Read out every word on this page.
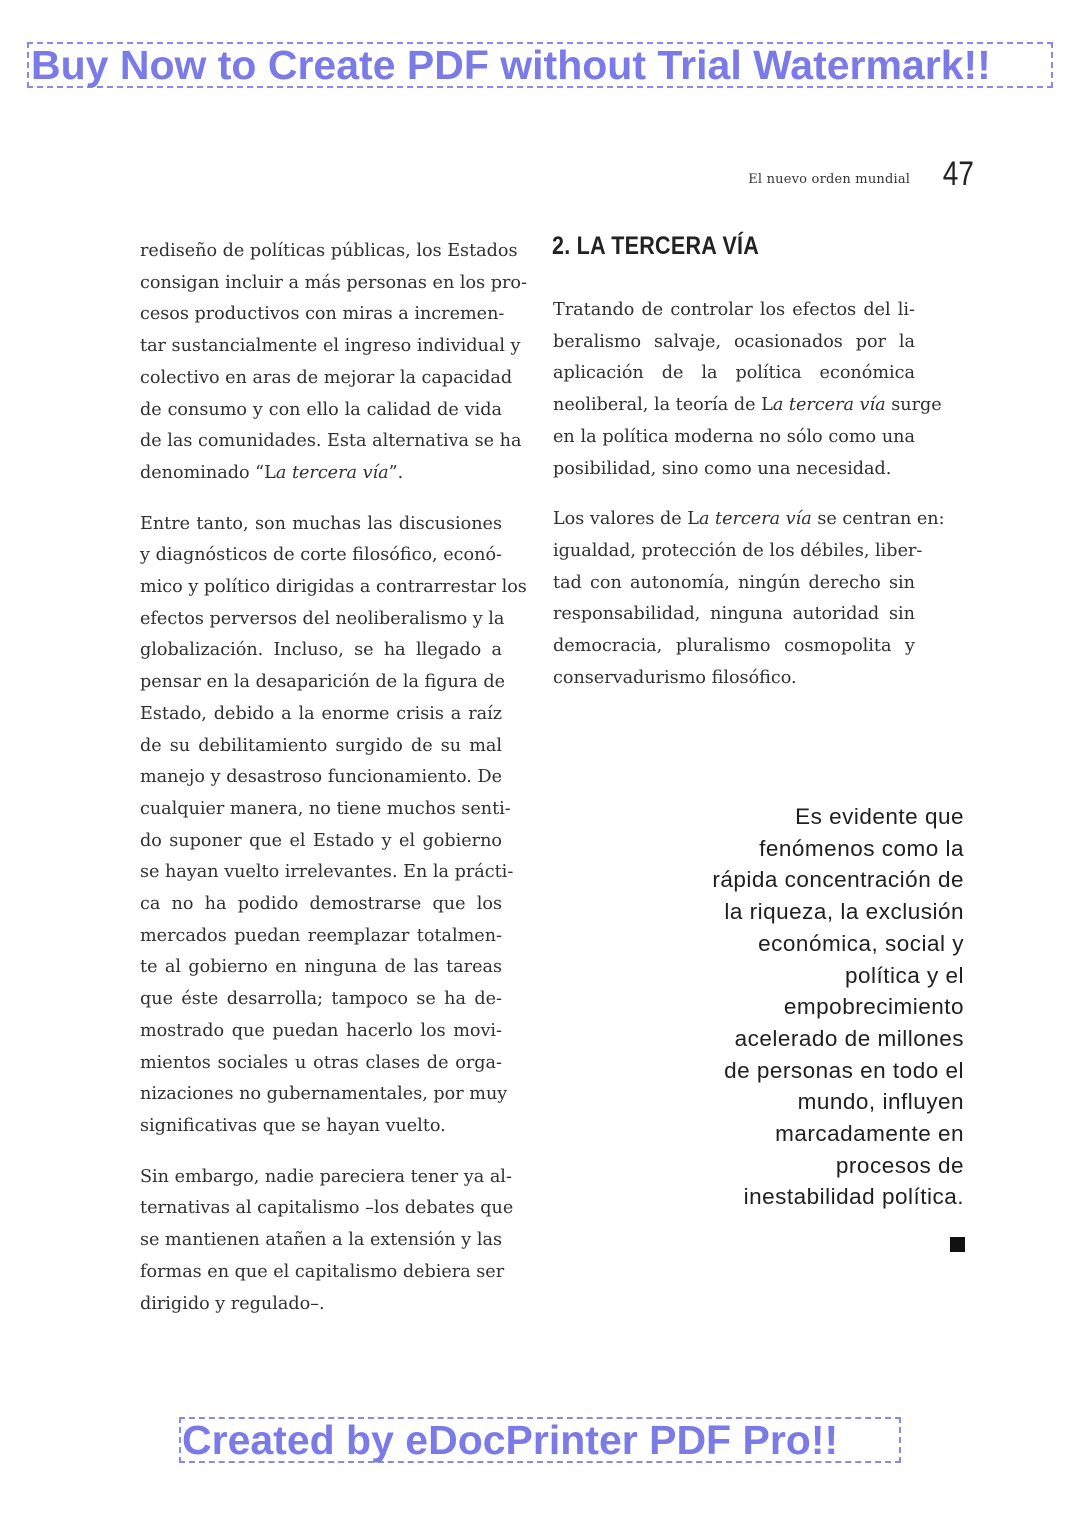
Buy Now to Create PDF without Trial Watermark!!
El nuevo orden mundial 47

rediseño de políticas públicas, los Estados
consigan incluir a más personas en los pro-
cesos productivos con miras a incremen-
tar sustancialmente el ingreso individual y
colectivo en aras de mejorar la capacidad
de consumo y con ello la calidad de vida
de las comunidades. Esta alternativa se ha
denominado “La tercera vía”.

Entre tanto, son muchas las discusiones
y diagnósticos de corte filosófico, econó-
mico y político dirigidas a contrarrestar los
efectos perversos del neoliberalismo y la
globalización. Incluso, se ha llegado a
pensar en la desaparición de la figura de
Estado, debido a la enorme crisis a raíz
de su debilitamiento surgido de su mal
manejo y desastroso funcionamiento. De
cualquier manera, no tiene muchos senti-
do suponer que el Estado y el gobierno
se hayan vuelto irrelevantes. En la prácti-
ca no ha podido demostrarse que los
mercados puedan reemplazar totalmen-
te al gobierno en ninguna de las tareas
que éste desarrolla; tampoco se ha de-
mostrado que puedan hacerlo los movi-
mientos sociales u otras clases de orga-
nizaciones no gubernamentales, por muy
significativas que se hayan vuelto.

Sin embargo, nadie pareciera tener ya al-
ternativas al capitalismo –los debates que
se mantienen atañen a la extensión y las
formas en que el capitalismo debiera ser
dirigido y regulado–.

2. LA TERCERA VÍA

Tratando de controlar los efectos del li-
beralismo salvaje, ocasionados por la
aplicación de la política económica
neoliberal, la teoría de La tercera vía surge
en la política moderna no sólo como una
posibilidad, sino como una necesidad.

Los valores de La tercera vía se centran en:
igualdad, protección de los débiles, liber-
tad con autonomía, ningún derecho sin
responsabilidad, ninguna autoridad sin
democracia, pluralismo cosmopolita y
conservadurismo filosófico.

Es evidente que
fenómenos como la
rápida concentración de
la riqueza, la exclusión
económica, social y
política y el
empobrecimiento
acelerado de millones
de personas en todo el
mundo, influyen
marcadamente en
procesos de
inestabilidad política.
Created by eDocPrinter PDF Pro!!
